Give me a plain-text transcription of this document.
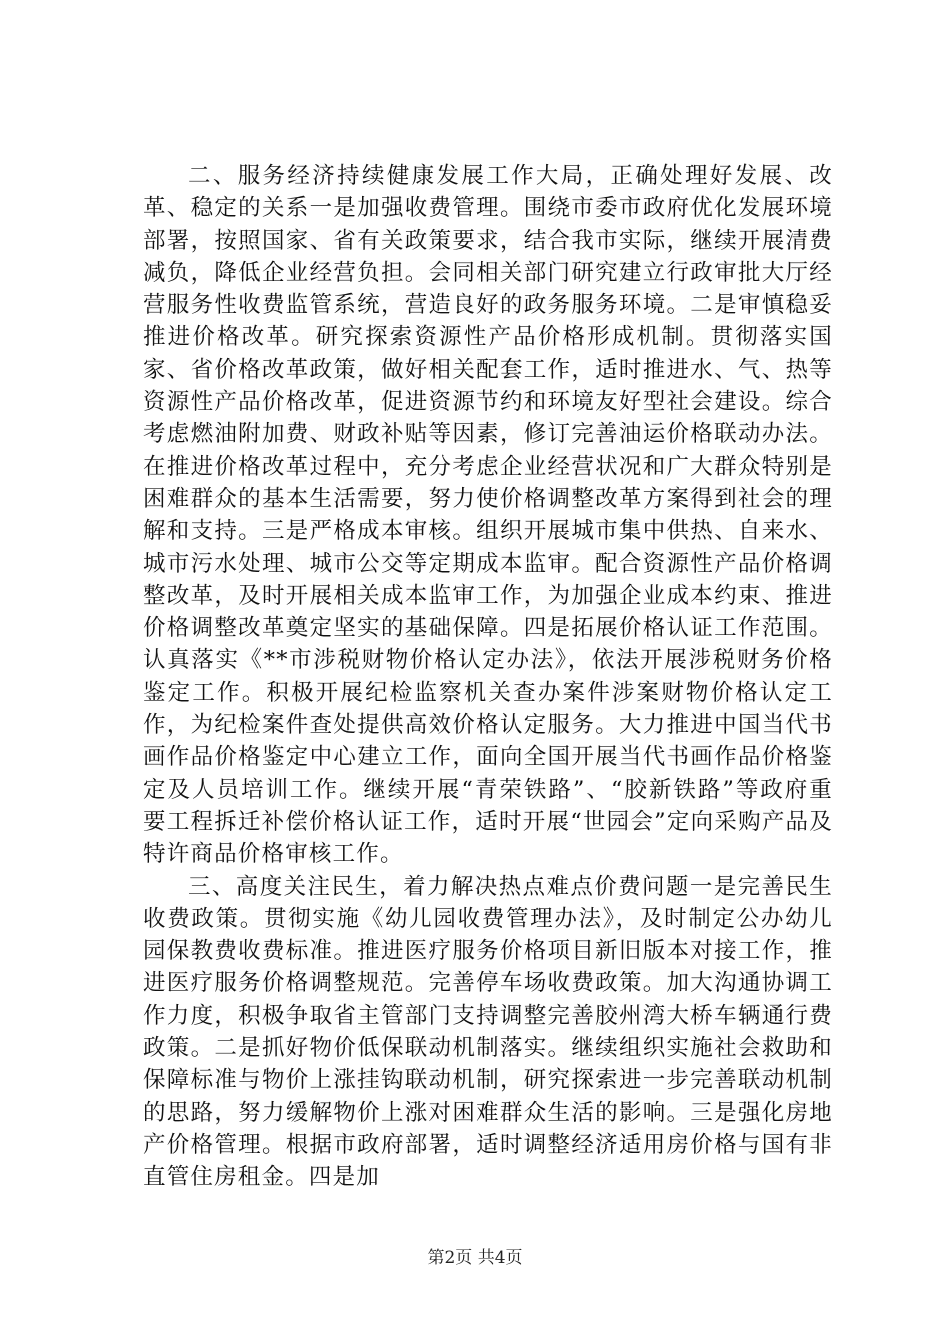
二、服务经济持续健康发展工作大局，正确处理好发展、改革、稳定的关系一是加强收费管理。围绕市委市政府优化发展环境部署，按照国家、省有关政策要求，结合我市实际，继续开展清费减负，降低企业经营负担。会同相关部门研究建立行政审批大厅经营服务性收费监管系统，营造良好的政务服务环境。二是审慎稳妥推进价格改革。研究探索资源性产品价格形成机制。贯彻落实国家、省价格改革政策，做好相关配套工作，适时推进水、气、热等资源性产品价格改革，促进资源节约和环境友好型社会建设。综合考虑燃油附加费、财政补贴等因素，修订完善油运价格联动办法。在推进价格改革过程中，充分考虑企业经营状况和广大群众特别是困难群众的基本生活需要，努力使价格调整改革方案得到社会的理解和支持。三是严格成本审核。组织开展城市集中供热、自来水、城市污水处理、城市公交等定期成本监审。配合资源性产品价格调整改革，及时开展相关成本监审工作，为加强企业成本约束、推进价格调整改革奠定坚实的基础保障。四是拓展价格认证工作范围。认真落实《**市涉税财物价格认定办法》，依法开展涉税财务价格鉴定工作。积极开展纪检监察机关查办案件涉案财物价格认定工作，为纪检案件查处提供高效价格认定服务。大力推进中国当代书画作品价格鉴定中心建立工作，面向全国开展当代书画作品价格鉴定及人员培训工作。继续开展“青荣铁路”、“胶新铁路”等政府重要工程拆迁补偿价格认证工作，适时开展“世园会”定向采购产品及特许商品价格审核工作。

三、高度关注民生，着力解决热点难点价费问题一是完善民生收费政策。贯彻实施《幼儿园收费管理办法》，及时制定公办幼儿园保教费收费标准。推进医疗服务价格项目新旧版本对接工作，推进医疗服务价格调整规范。完善停车场收费政策。加大沟通协调工作力度，积极争取省主管部门支持调整完善胶州湾大桥车辆通行费政策。二是抓好物价低保联动机制落实。继续组织实施社会救助和保障标准与物价上涨挂钩联动机制，研究探索进一步完善联动机制的思路，努力缓解物价上涨对困难群众生活的影响。三是强化房地产价格管理。根据市政府部署，适时调整经济适用房价格与国有非直管住房租金。四是加

第2页 共4页
